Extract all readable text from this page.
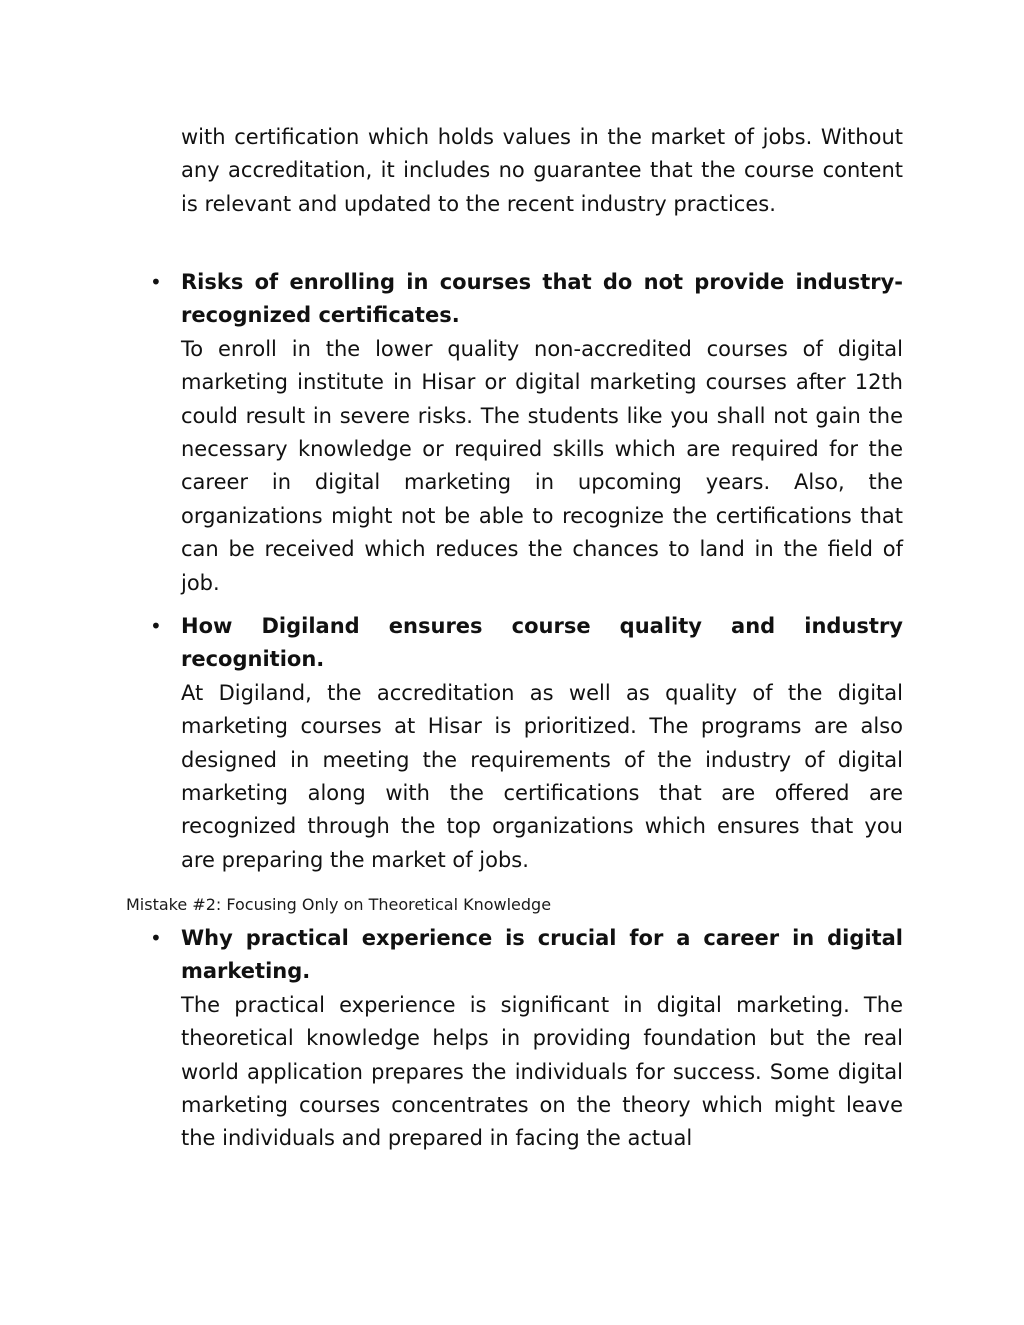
with certification which holds values in the market of jobs. Without any accreditation, it includes no guarantee that the course content is relevant and updated to the recent industry practices.

• Risks of enrolling in courses that do not provide industry-recognized certificates.

To enroll in the lower quality non-accredited courses of digital marketing institute in Hisar or digital marketing courses after 12th could result in severe risks. The students like you shall not gain the necessary knowledge or required skills which are required for the career in digital marketing in upcoming years. Also, the organizations might not be able to recognize the certifications that can be received which reduces the chances to land in the field of job.

• How Digiland ensures course quality and industry recognition.

At Digiland, the accreditation as well as quality of the digital marketing courses at Hisar is prioritized. The programs are also designed in meeting the requirements of the industry of digital marketing along with the certifications that are offered are recognized through the top organizations which ensures that you are preparing the market of jobs.

Mistake #2: Focusing Only on Theoretical Knowledge

• Why practical experience is crucial for a career in digital marketing.

The practical experience is significant in digital marketing. The theoretical knowledge helps in providing foundation but the real world application prepares the individuals for success. Some digital marketing courses concentrates on the theory which might leave the individuals and prepared in facing the actual
